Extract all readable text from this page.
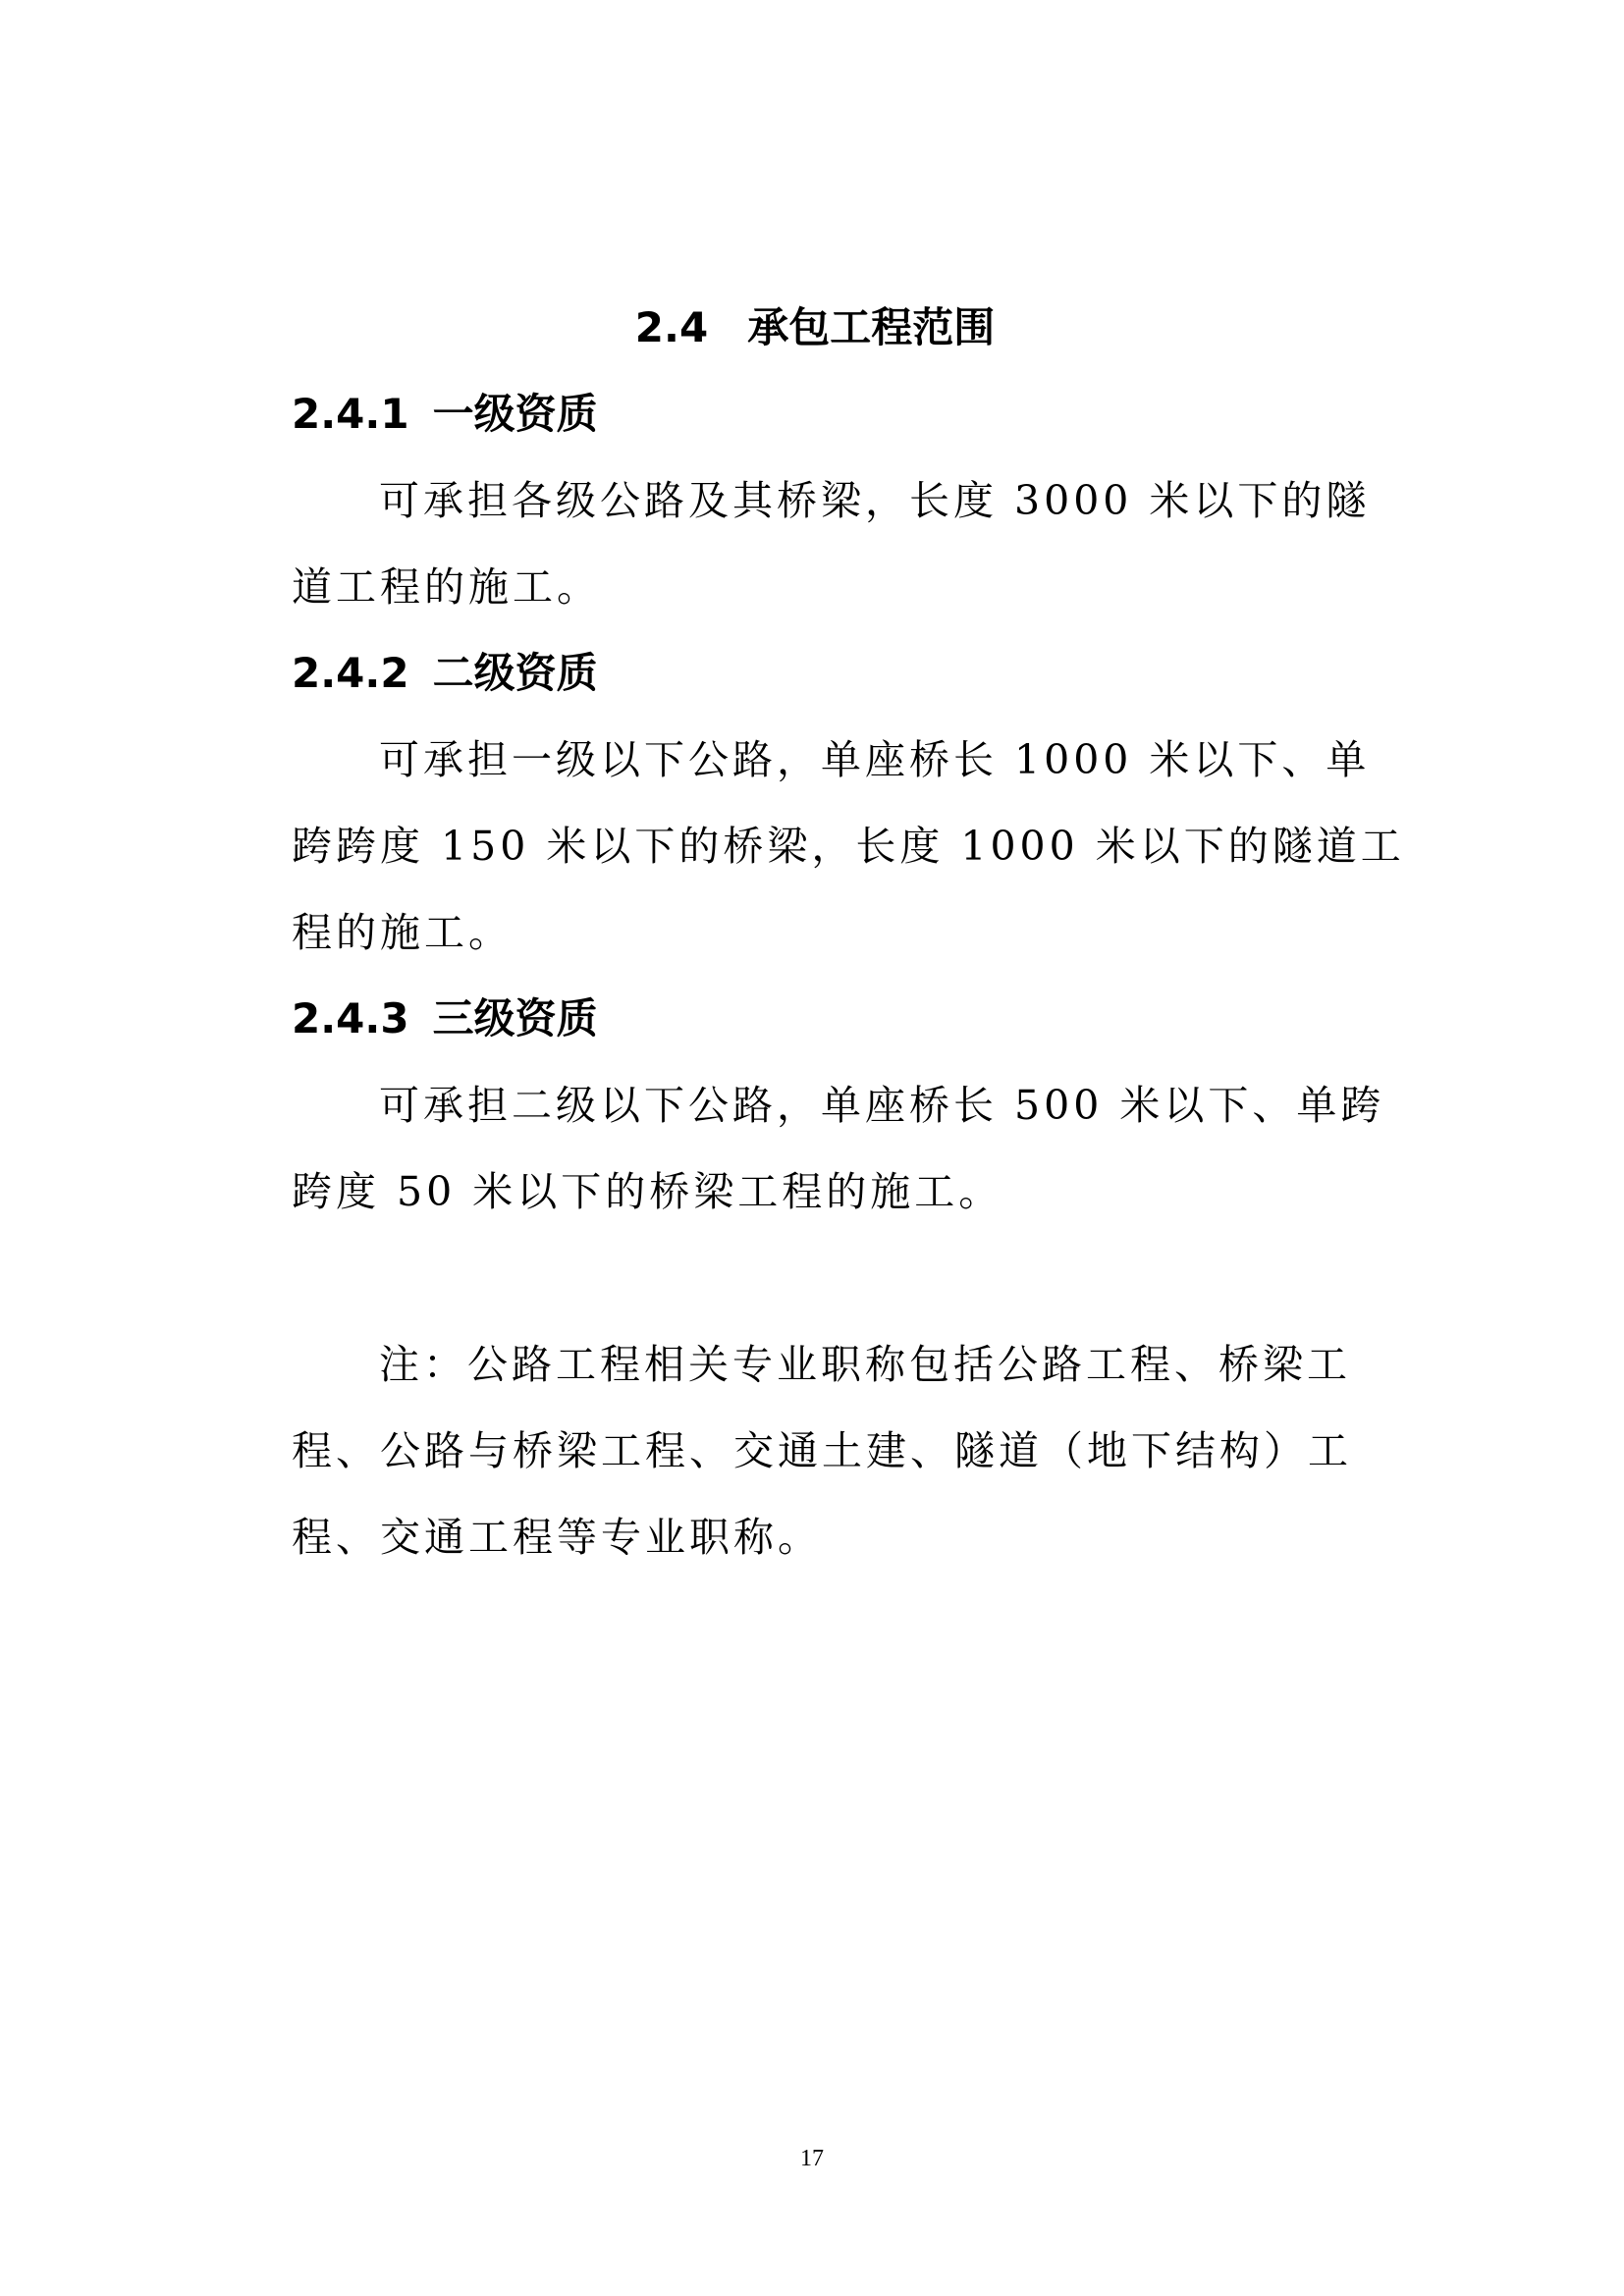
2.4 承包工程范围
2.4.1 一级资质

可承担各级公路及其桥梁，长度 3000 米以下的隧
道工程的施工。

2.4.2 二级资质

可承担一级以下公路，单座桥长 1000 米以下、单
跨跨度 150 米以下的桥梁，长度 1000 米以下的隧道工
程的施工。

2.4.3 三级资质

可承担二级以下公路，单座桥长 500 米以下、单跨
跨度 50 米以下的桥梁工程的施工。

注：公路工程相关专业职称包括公路工程、桥梁工
程、公路与桥梁工程、交通土建、隧道（地下结构）工
程、交通工程等专业职称。

17
